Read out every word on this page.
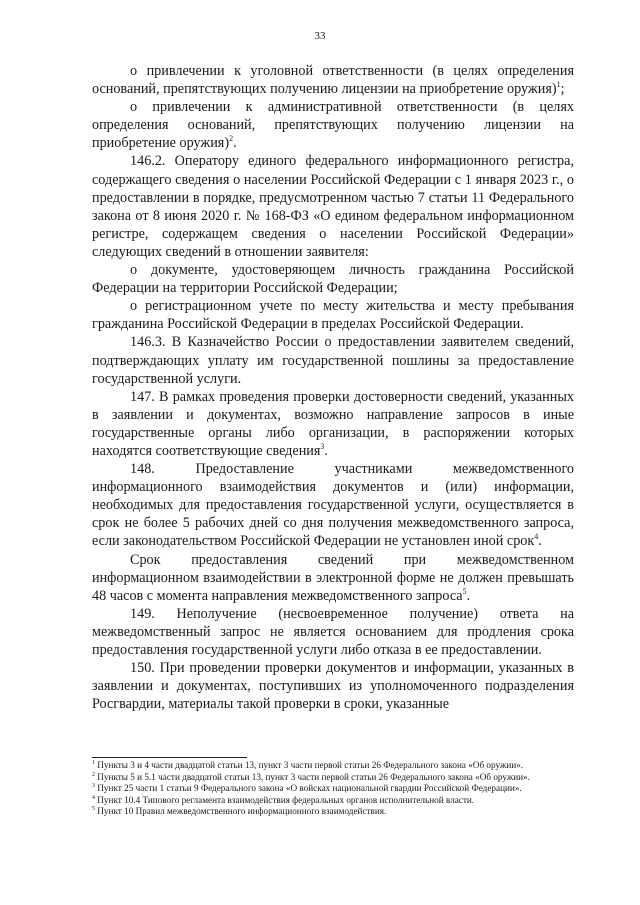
33

о привлечении к уголовной ответственности (в целях определения оснований, препятствующих получению лицензии на приобретение оружия)$^1$;

о привлечении к административной ответственности (в целях определения оснований, препятствующих получению лицензии на приобретение оружия)$^2$.

146.2. Оператору единого федерального информационного регистра, содержащего сведения о населении Российской Федерации с 1 января 2023 г., о предоставлении в порядке, предусмотренном частью 7 статьи 11 Федерального закона от 8 июня 2020 г. № 168-ФЗ «О едином федеральном информационном регистре, содержащем сведения о населении Российской Федерации» следующих сведений в отношении заявителя:

о документе, удостоверяющем личность гражданина Российской Федерации на территории Российской Федерации;

о регистрационном учете по месту жительства и месту пребывания гражданина Российской Федерации в пределах Российской Федерации.

146.3. В Казначейство России о предоставлении заявителем сведений, подтверждающих уплату им государственной пошлины за предоставление государственной услуги.

147. В рамках проведения проверки достоверности сведений, указанных в заявлении и документах, возможно направление запросов в иные государственные органы либо организации, в распоряжении которых находятся соответствующие сведения$^3$.

148. Предоставление участниками межведомственного информационного взаимодействия документов и (или) информации, необходимых для предоставления государственной услуги, осуществляется в срок не более 5 рабочих дней со дня получения межведомственного запроса, если законодательством Российской Федерации не установлен иной срок$^4$.

Срок предоставления сведений при межведомственном информационном взаимодействии в электронной форме не должен превышать 48 часов с момента направления межведомственного запроса$^5$.

149. Неполучение (несвоевременное получение) ответа на межведомственный запрос не является основанием для продления срока предоставления государственной услуги либо отказа в ее предоставлении.

150. При проведении проверки документов и информации, указанных в заявлении и документах, поступивших из уполномоченного подразделения Росгвардии, материалы такой проверки в сроки, указанные

$^1$ Пункты 3 и 4 части двадцатой статьи 13, пункт 3 части первой статьи 26 Федерального закона «Об оружии».

$^2$ Пункты 5 и 5.1 части двадцатой статьи 13, пункт 3 части первой статьи 26 Федерального закона «Об оружии».

$^3$ Пункт 25 части 1 статьи 9 Федерального закона «О войсках национальной гвардии Российской Федерации».

$^4$ Пункт 10.4 Типового регламента взаимодействия федеральных органов исполнительной власти.

$^5$ Пункт 10 Правил межведомственного информационного взаимодействия.
